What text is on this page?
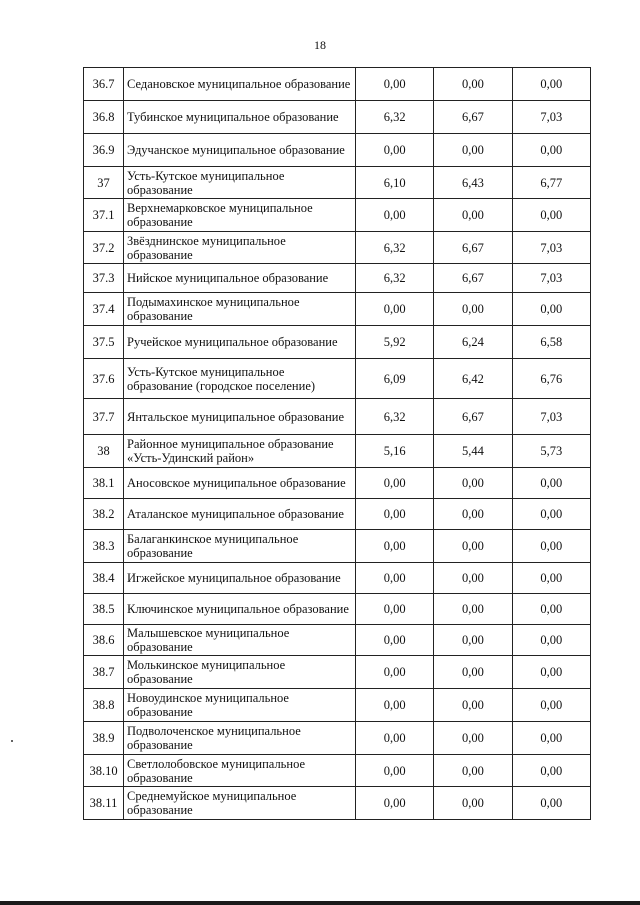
18
36.7	Седановское муниципальное образование	0,00	0,00	0,00
36.8	Тубинское муниципальное образование	6,32	6,67	7,03
36.9	Эдучанское муниципальное образование	0,00	0,00	0,00
37	Усть-Кутское муниципальное образование	6,10	6,43	6,77
37.1	Верхнемарковское муниципальное образование	0,00	0,00	0,00
37.2	Звёзднинское муниципальное образование	6,32	6,67	7,03
37.3	Нийское муниципальное образование	6,32	6,67	7,03
37.4	Подымахинское муниципальное образование	0,00	0,00	0,00
37.5	Ручейское муниципальное образование	5,92	6,24	6,58
37.6	Усть-Кутское муниципальное образование (городское поселение)	6,09	6,42	6,76
37.7	Янтальское муниципальное образование	6,32	6,67	7,03
38	Районное муниципальное образование «Усть-Удинский район»	5,16	5,44	5,73
38.1	Аносовское муниципальное образование	0,00	0,00	0,00
38.2	Аталанское муниципальное образование	0,00	0,00	0,00
38.3	Балаганкинское муниципальное образование	0,00	0,00	0,00
38.4	Игжейское муниципальное образование	0,00	0,00	0,00
38.5	Ключинское муниципальное образование	0,00	0,00	0,00
38.6	Малышевское муниципальное образование	0,00	0,00	0,00
38.7	Молькинское муниципальное образование	0,00	0,00	0,00
38.8	Новоудинское муниципальное образование	0,00	0,00	0,00
38.9	Подволоченское муниципальное образование	0,00	0,00	0,00
38.10	Светлолобовское муниципальное образование	0,00	0,00	0,00
38.11	Среднемуйское муниципальное образование	0,00	0,00	0,00
